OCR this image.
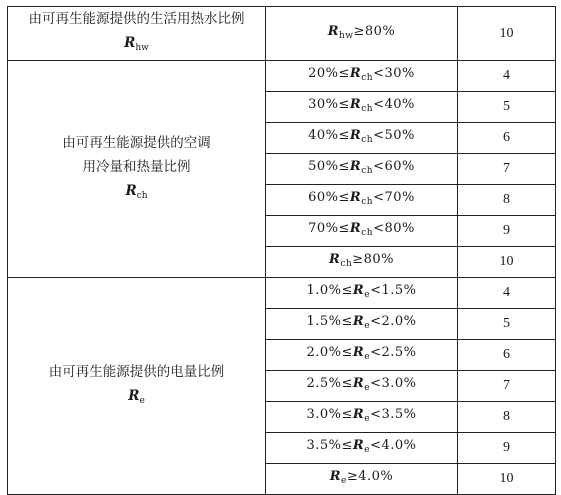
由可再生能源提供的生活用热水比例
$R_{hw}$	$R_{hw}\ge 80\%$	10

由可再生能源提供的空调
用冷量和热量比例
$R_{ch}$	$20\%\le R_{ch}<30\%$	4
	$30\%\le R_{ch}<40\%$	5
	$40\%\le R_{ch}<50\%$	6
	$50\%\le R_{ch}<60\%$	7
	$60\%\le R_{ch}<70\%$	8
	$70\%\le R_{ch}<80\%$	9
	$R_{ch}\ge 80\%$	10

由可再生能源提供的电量比例
$R_e$	$1.0\%\le R_e<1.5\%$	4
	$1.5\%\le R_e<2.0\%$	5
	$2.0\%\le R_e<2.5\%$	6
	$2.5\%\le R_e<3.0\%$	7
	$3.0\%\le R_e<3.5\%$	8
	$3.5\%\le R_e<4.0\%$	9
	$R_e\ge 4.0\%$	10
